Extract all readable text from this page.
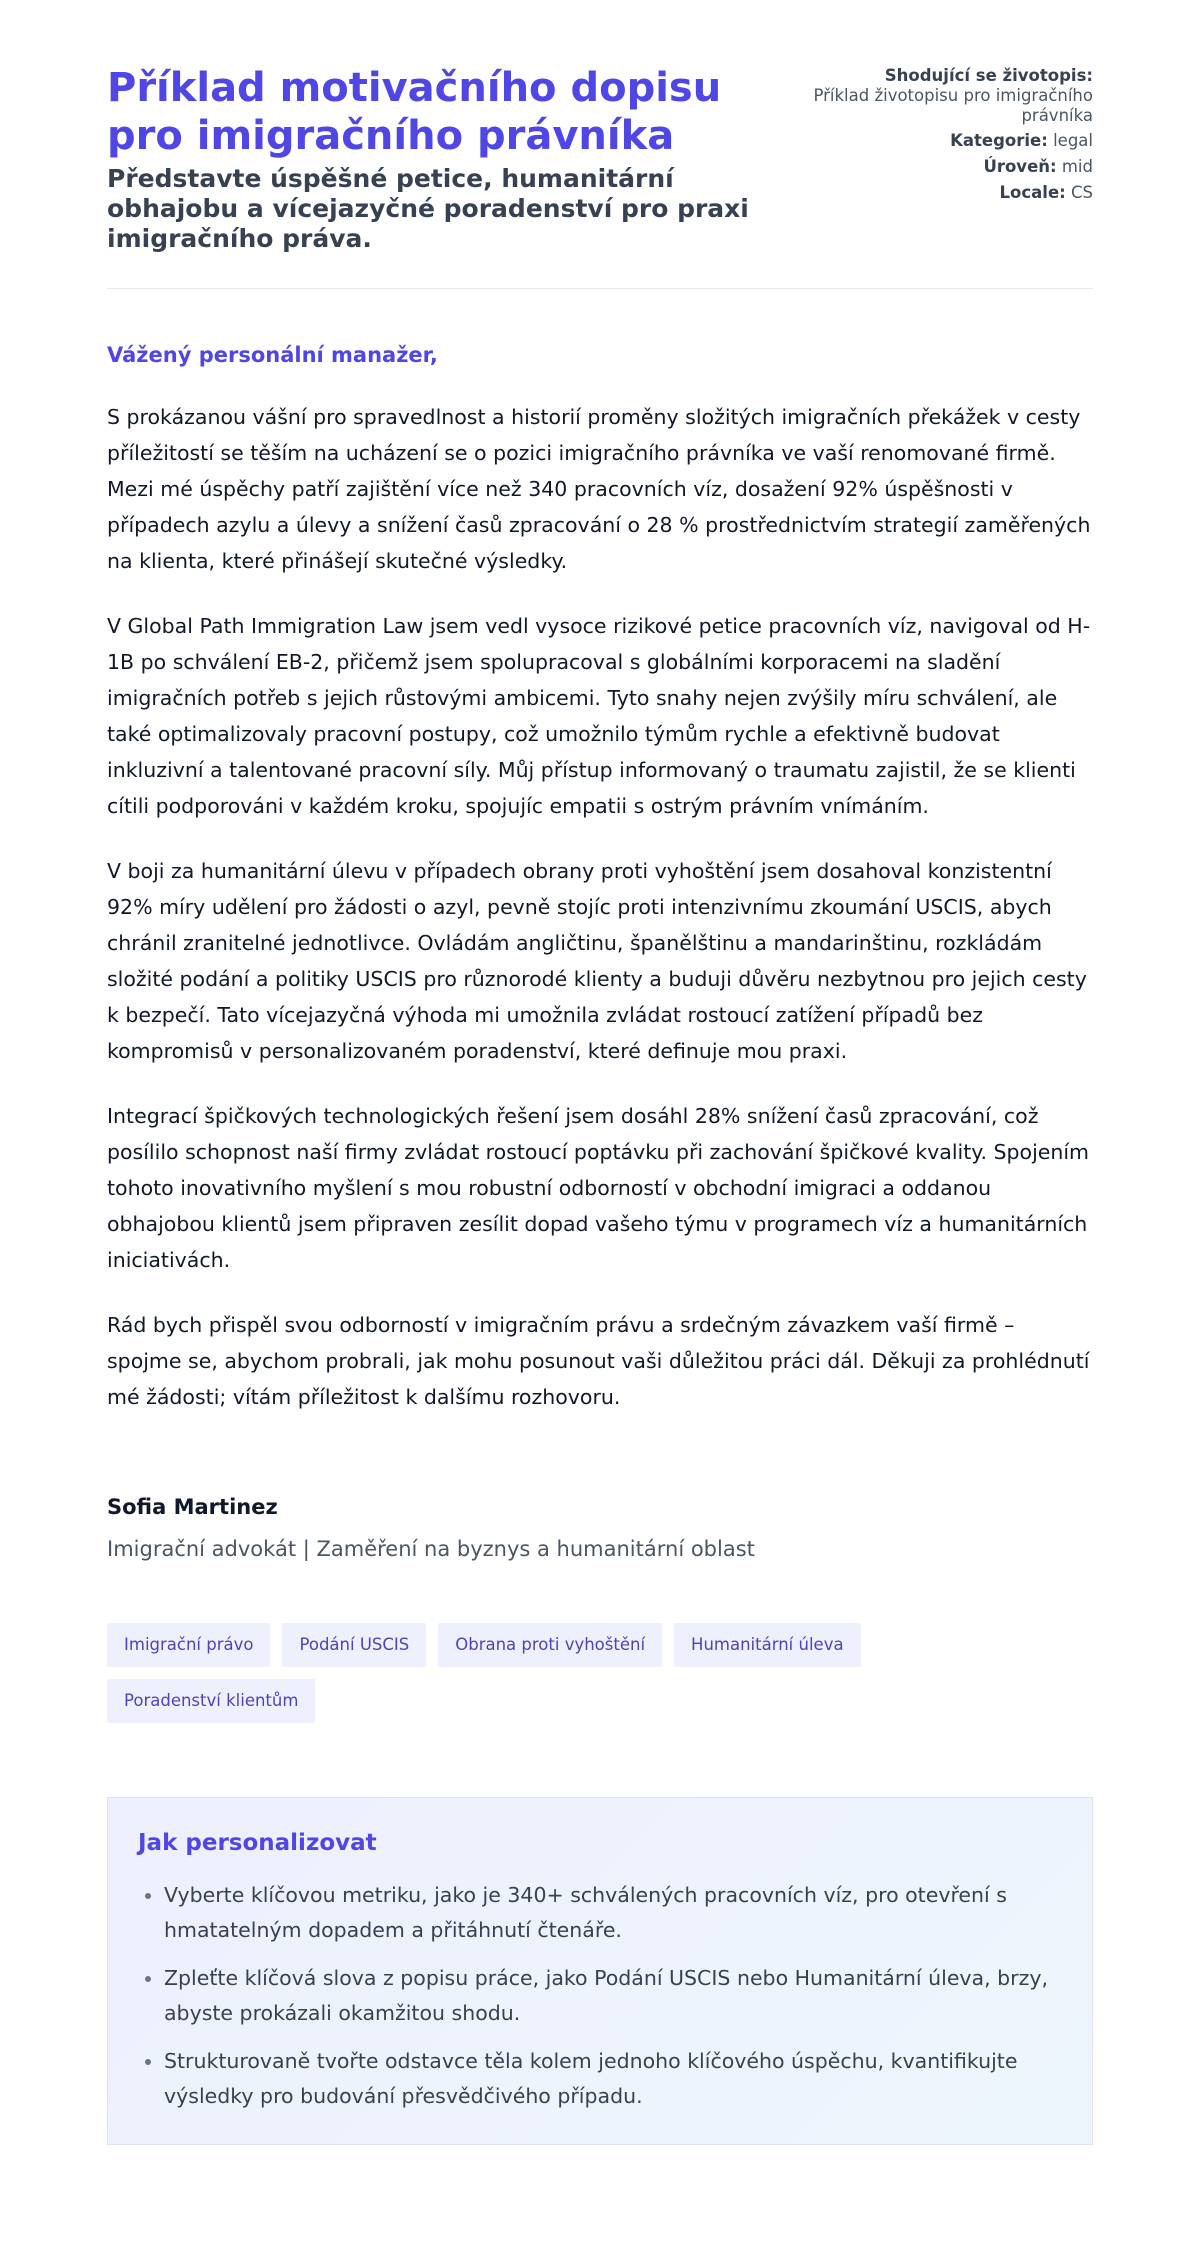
Příklad motivačního dopisu pro imigračního právníka

Představte úspěšné petice, humanitární obhajobu a vícejazyčné poradenství pro praxi imigračního práva.

Shodující se životopis:
Příklad životopisu pro imigračního právníka
Kategorie: legal
Úroveň: mid
Locale: CS

Vážený personální manažer,

S prokázanou vášní pro spravedlnost a historií proměny složitých imigračních překážek v cesty příležitostí se těším na ucházení se o pozici imigračního právníka ve vaší renomované firmě. Mezi mé úspěchy patří zajištění více než 340 pracovních víz, dosažení 92% úspěšnosti v případech azylu a úlevy a snížení časů zpracování o 28 % prostřednictvím strategií zaměřených na klienta, které přinášejí skutečné výsledky.

V Global Path Immigration Law jsem vedl vysoce rizikové petice pracovních víz, navigoval od H-1B po schválení EB-2, přičemž jsem spolupracoval s globálními korporacemi na sladění imigračních potřeb s jejich růstovými ambicemi. Tyto snahy nejen zvýšily míru schválení, ale také optimalizovaly pracovní postupy, což umožnilo týmům rychle a efektivně budovat inkluzivní a talentované pracovní síly. Můj přístup informovaný o traumatu zajistil, že se klienti cítili podporováni v každém kroku, spojujíc empatii s ostrým právním vnímáním.

V boji za humanitární úlevu v případech obrany proti vyhoštění jsem dosahoval konzistentní 92% míry udělení pro žádosti o azyl, pevně stojíc proti intenzivnímu zkoumání USCIS, abych chránil zranitelné jednotlivce. Ovládám angličtinu, španělštinu a mandarinštinu, rozkládám složité podání a politiky USCIS pro různorodé klienty a buduji důvěru nezbytnou pro jejich cesty k bezpečí. Tato vícejazyčná výhoda mi umožnila zvládat rostoucí zatížení případů bez kompromisů v personalizovaném poradenství, které definuje mou praxi.

Integrací špičkových technologických řešení jsem dosáhl 28% snížení časů zpracování, což posílilo schopnost naší firmy zvládat rostoucí poptávku při zachování špičkové kvality. Spojením tohoto inovativního myšlení s mou robustní odborností v obchodní imigraci a oddanou obhajobou klientů jsem připraven zesílit dopad vašeho týmu v programech víz a humanitárních iniciativách.

Rád bych přispěl svou odborností v imigračním právu a srdečným závazkem vaší firmě – spojme se, abychom probrali, jak mohu posunout vaši důležitou práci dál. Děkuji za prohlédnutí mé žádosti; vítám příležitost k dalšímu rozhovoru.

Sofia Martinez

Imigrační advokát | Zaměření na byznys a humanitární oblast

Imigrační právo	Podání USCIS	Obrana proti vyhoštění	Humanitární úleva
Poradenství klientům
Jak personalizovat
• Vyberte klíčovou metriku, jako je 340+ schválených pracovních víz, pro otevření s hmatatelným dopadem a přitáhnutí čtenáře.
• Zpleťte klíčová slova z popisu práce, jako Podání USCIS nebo Humanitární úleva, brzy, abyste prokázali okamžitou shodu.
• Strukturovaně tvořte odstavce těla kolem jednoho klíčového úspěchu, kvantifikujte výsledky pro budování přesvědčivého případu.
